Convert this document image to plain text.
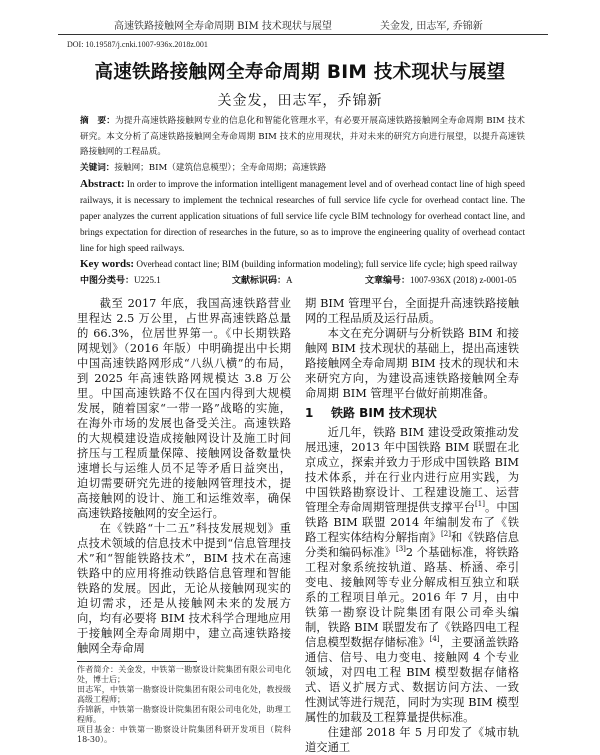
高速铁路接触网全寿命周期 BIM 技术现状与展望	关金发, 田志军, 乔锦新
DOI: 10.19587/j.cnki.1007-936x.2018z.001
高速铁路接触网全寿命周期 BIM 技术现状与展望
关金发，田志军，乔锦新
摘　要：为提升高速铁路接触网专业的信息化和智能化管理水平，有必要开展高速铁路接触网全寿命周期 BIM 技术研究。本文分析了高速铁路接触网全寿命周期 BIM 技术的应用现状，并对未来的研究方向进行展望，以提升高速铁路接触网的工程品质。
关键词：接触网；BIM（建筑信息模型）；全寿命周期；高速铁路
Abstract: In order to improve the information intelligent management level and of overhead contact line of high speed railways, it is necessary to implement the technical researches of full service life cycle for overhead contact line. The paper analyzes the current application situations of full service life cycle BIM technology for overhead contact line, and brings expectation for direction of researches in the future, so as to improve the engineering quality of overhead contact line for high speed railways.
Key words: Overhead contact line; BIM (building information modeling); full service life cycle; high speed railway
中图分类号：U225.1	文献标识码：A	文章编号：1007-936X (2018) z-0001-05

截至 2017 年底，我国高速铁路营业里程达 2.5 万公里，占世界高速铁路总量的 66.3%，位居世界第一。《中长期铁路网规划》（2016 年版）中明确提出中长期中国高速铁路网形成“八纵八横”的布局，到 2025 年高速铁路网规模达 3.8 万公里。中国高速铁路不仅在国内得到大规模发展，随着国家“一带一路”战略的实施，在海外市场的发展也备受关注。高速铁路的大规模建设造成接触网设计及施工时间挤压与工程质量保障、接触网设备数量快速增长与运维人员不足等矛盾日益突出，迫切需要研究先进的接触网管理技术，提高接触网的设计、施工和运维效率，确保高速铁路接触网的安全运行。

在《铁路“十二五”科技发展规划》重点技术领域的信息技术中提到“信息管理技术”和“智能铁路技术”，BIM 技术在高速铁路中的应用将推动铁路信息管理和智能铁路的发展。因此，无论从接触网现实的迫切需求，还是从接触网未来的发展方向，均有必要将 BIM 技术科学合理地应用于接触网全寿命周期中，建立高速铁路接触网全寿命周

作者简介：关金发，中铁第一勘察设计院集团有限公司电化处，博士后；
田志军，中铁第一勘察设计院集团有限公司电化处，教授级高级工程师；
乔锦新，中铁第一勘察设计院集团有限公司电化处，助理工程师。
项目基金：中铁第一勘察设计院集团科研开发项目（院科 18-30）。

期 BIM 管理平台，全面提升高速铁路接触网的工程品质及运行品质。

本文在充分调研与分析铁路 BIM 和接触网 BIM 技术现状的基础上，提出高速铁路接触网全寿命周期 BIM 技术的现状和未来研究方向，为建设高速铁路接触网全寿命周期 BIM 管理平台做好前期准备。

1 铁路 BIM 技术现状

近几年，铁路 BIM 建设受政策推动发展迅速，2013 年中国铁路 BIM 联盟在北京成立，探索并致力于形成中国铁路 BIM 技术体系，并在行业内进行应用实践，为中国铁路勘察设计、工程建设施工、运营管理全寿命周期管理提供支撑平台[1]。中国铁路 BIM 联盟 2014 年编制发布了《铁路工程实体结构分解指南》[2]和《铁路信息分类和编码标准》[3]2 个基础标准，将铁路工程对象系统按轨道、路基、桥涵、牵引变电、接触网等专业分解成相互独立和联系的工程项目单元。2016 年 7 月，由中铁第一勘察设计院集团有限公司牵头编制，铁路 BIM 联盟发布了《铁路四电工程信息模型数据存储标准》[4]，主要涵盖铁路通信、信号、电力变电、接触网 4 个专业领域，对四电工程 BIM 模型数据存储格式、语义扩展方式、数据访问方法、一致性测试等进行规范，同时为实现 BIM 模型属性的加载及工程算量提供标准。

住建部 2018 年 5 月印发了《城市轨道交通工
